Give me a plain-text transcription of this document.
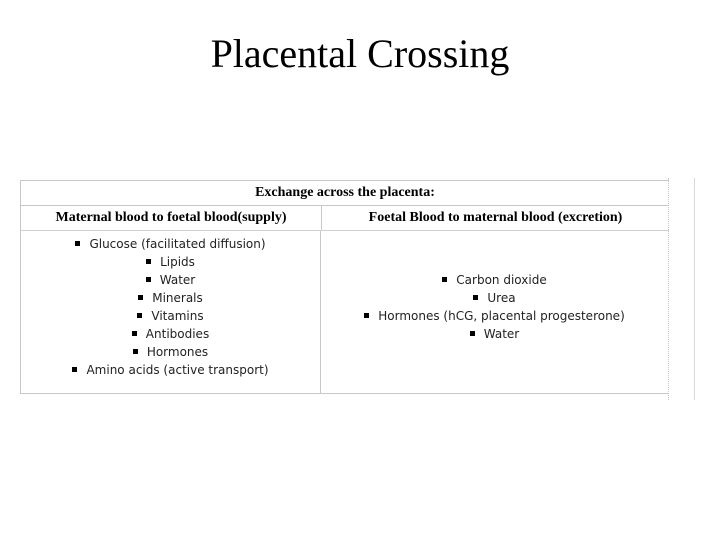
Placental Crossing
Exchange across the placenta:
Maternal blood to foetal blood(supply)	Foetal Blood to maternal blood (excretion)
Glucose (facilitated diffusion)
Lipids
Water
Minerals
Vitamins
Antibodies
Hormones
Amino acids (active transport)
Carbon dioxide
Urea
Hormones (hCG, placental progesterone)
Water
